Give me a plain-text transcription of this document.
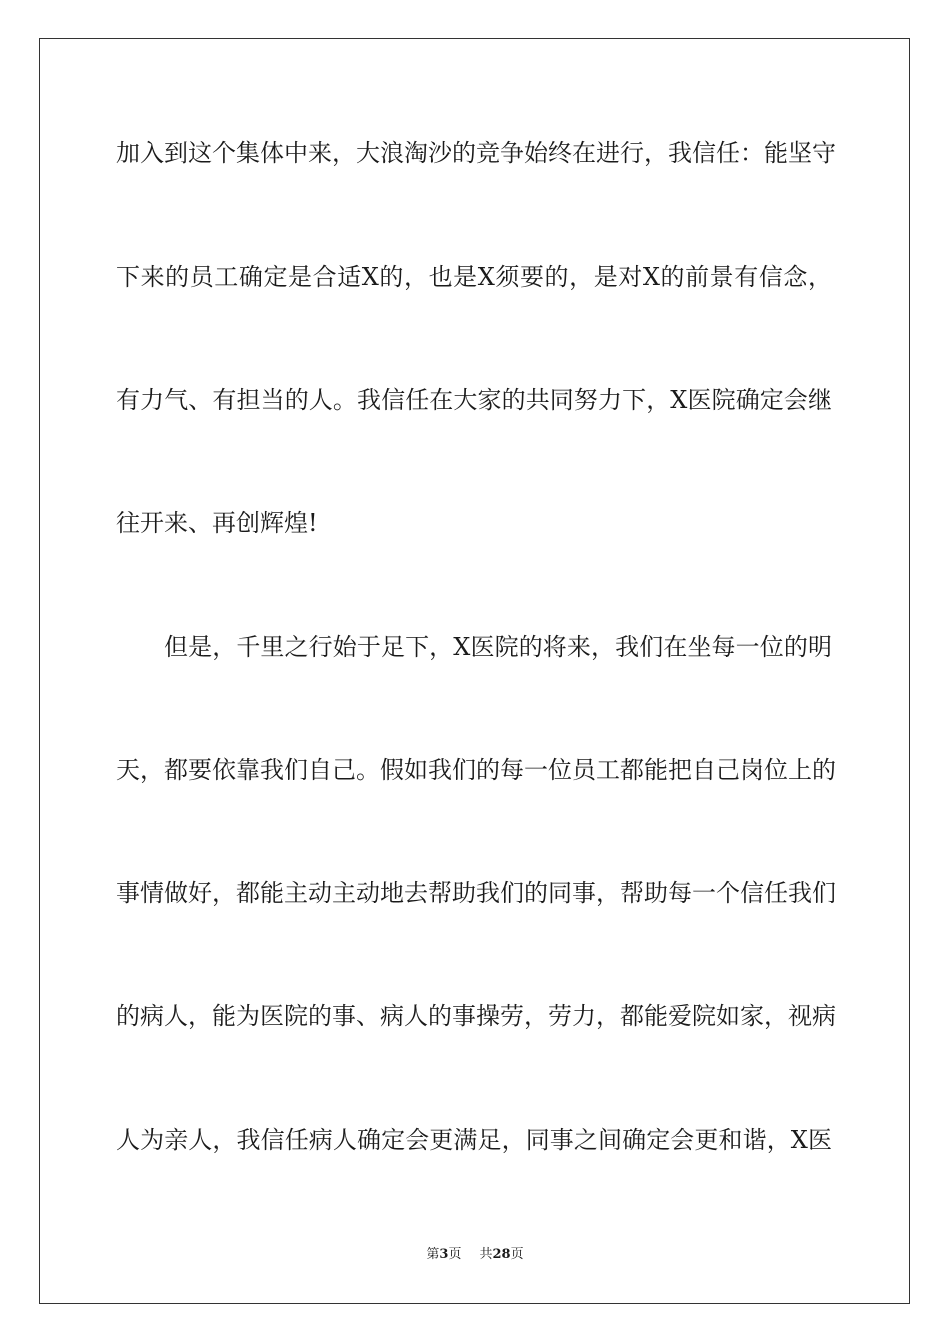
加入到这个集体中来，大浪淘沙的竞争始终在进行，我信任：能坚守
下来的员工确定是合适X的，也是X须要的，是对X的前景有信念，
有力气、有担当的人。我信任在大家的共同努力下，X医院确定会继
往开来、再创辉煌!
但是，千里之行始于足下，X医院的将来，我们在坐每一位的明
天，都要依靠我们自己。假如我们的每一位员工都能把自己岗位上的
事情做好，都能主动主动地去帮助我们的同事，帮助每一个信任我们
的病人，能为医院的事、病人的事操劳，劳力，都能爱院如家，视病
人为亲人，我信任病人确定会更满足，同事之间确定会更和谐，X医
第3页 共28页
